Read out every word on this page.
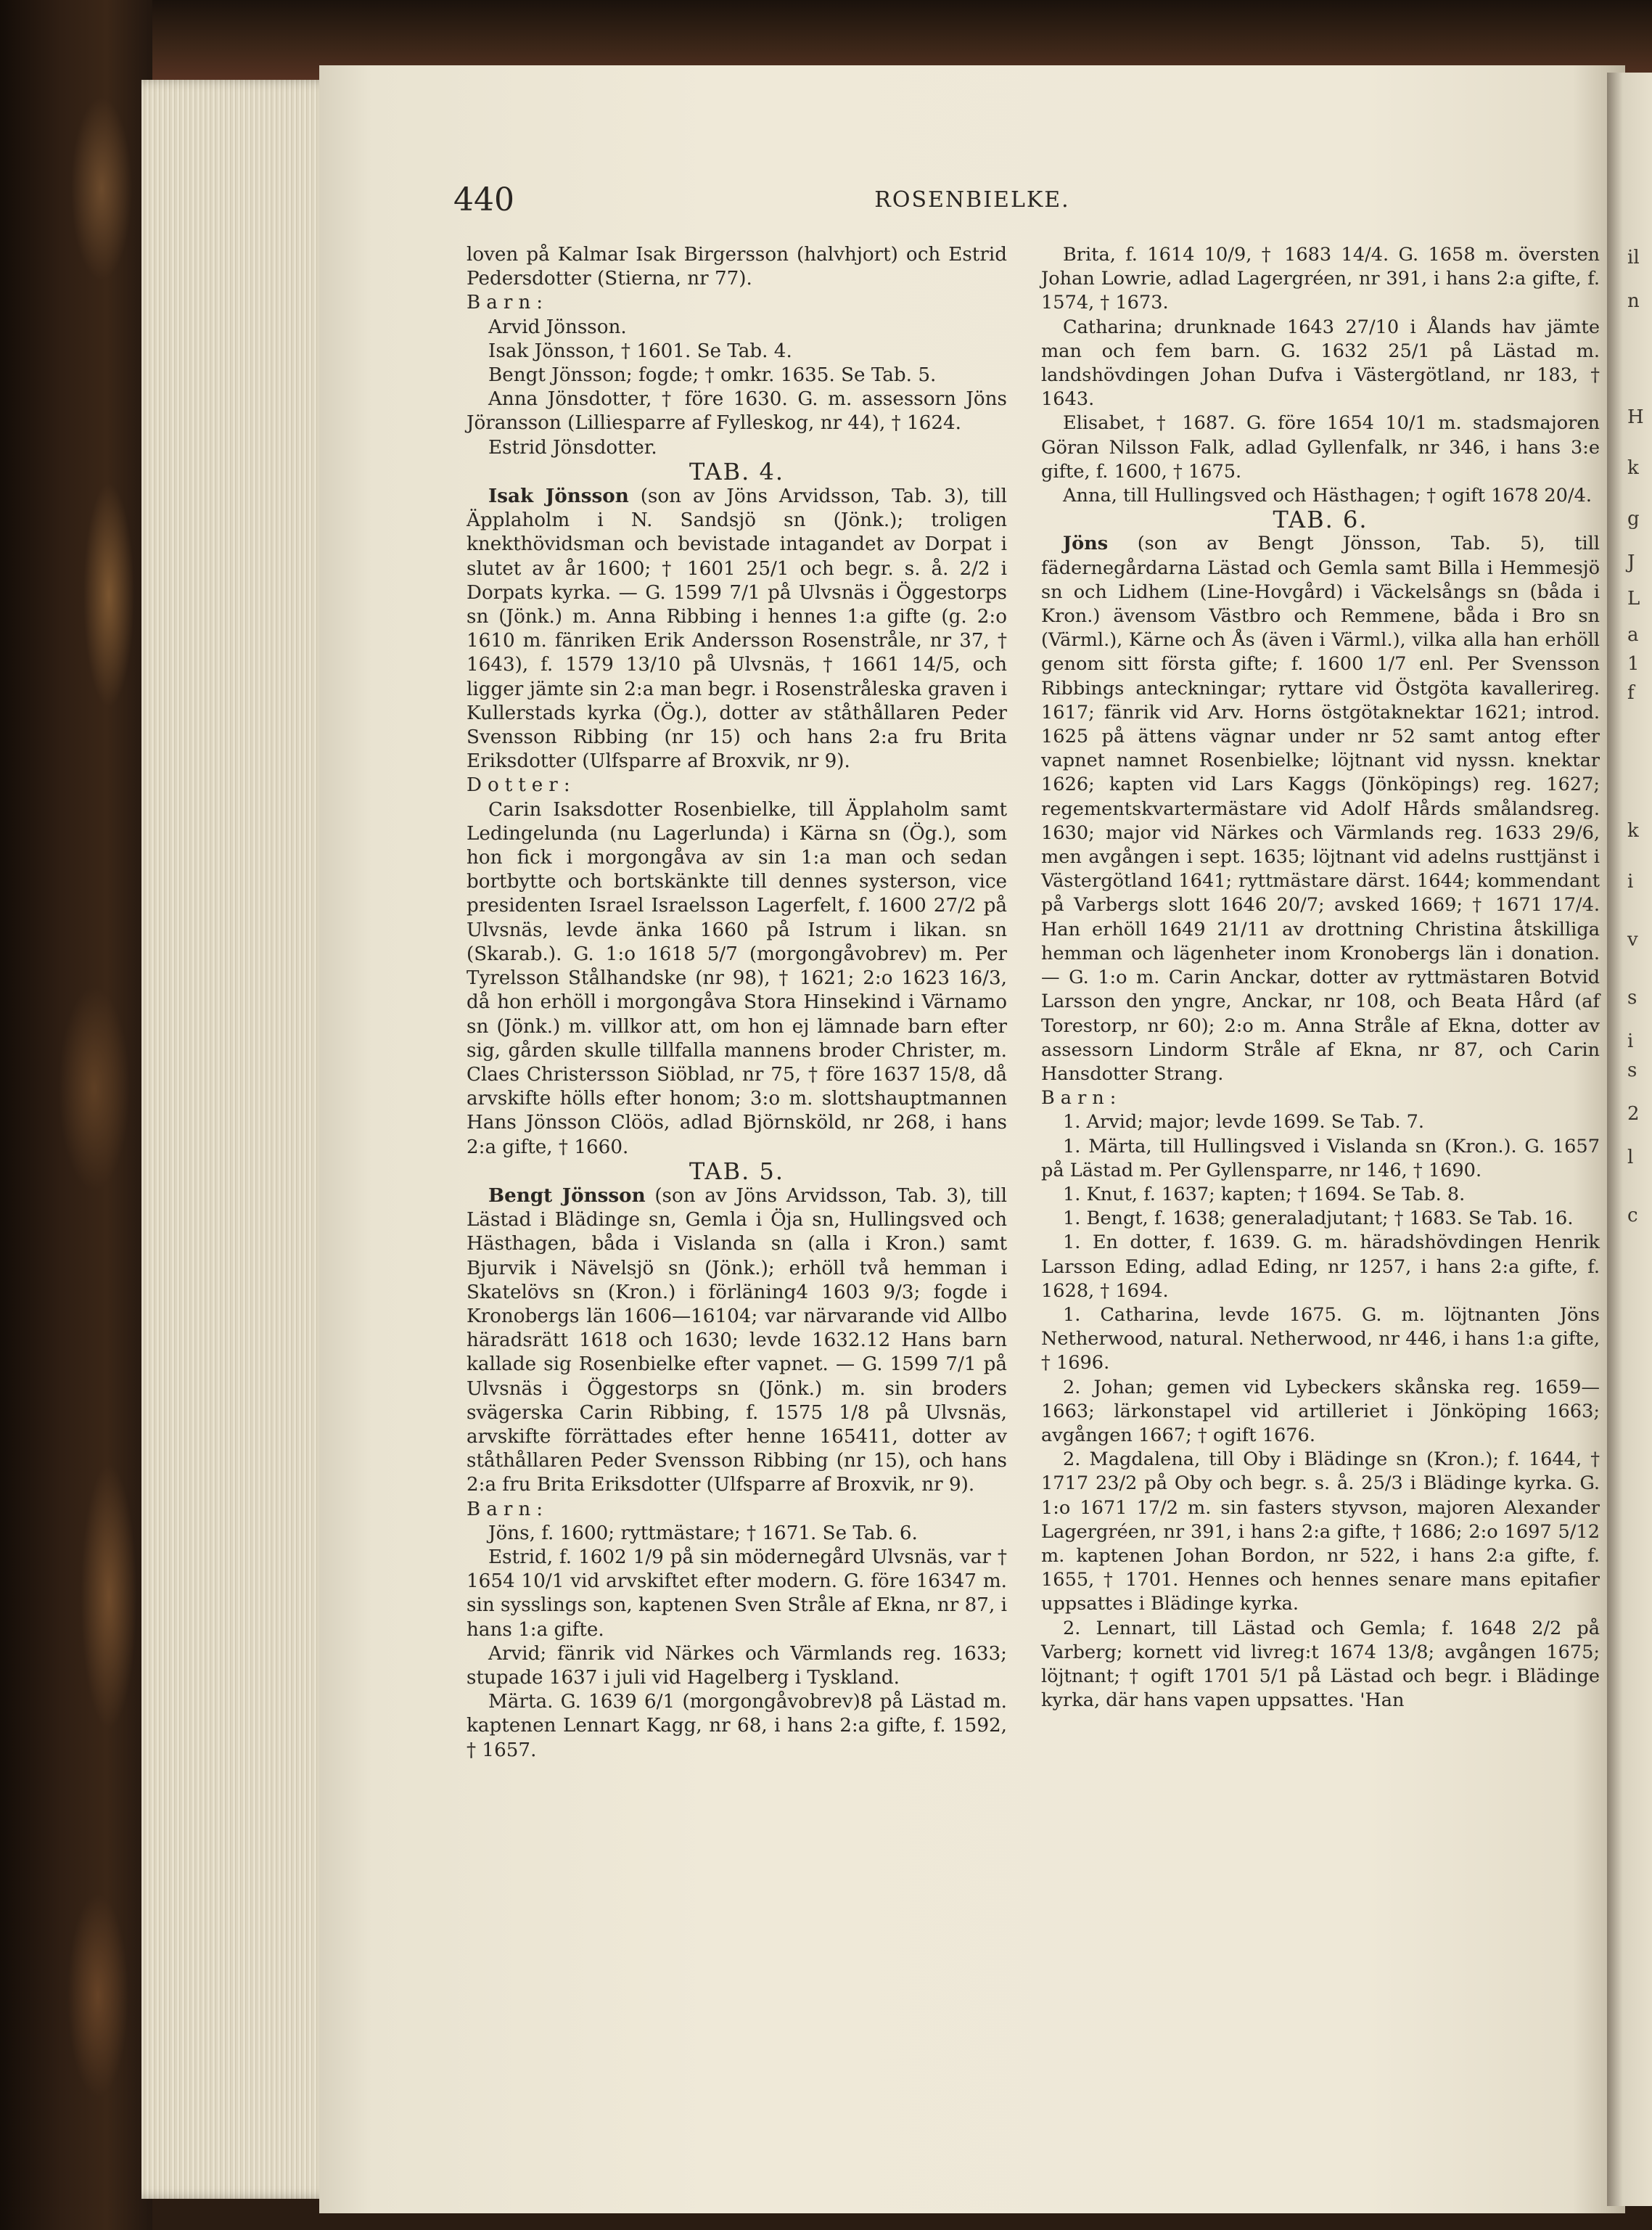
440	ROSENBIELKE.

loven på Kalmar Isak Birgersson (halvhjort) och Estrid Pedersdotter (Stierna, nr 77).

Barn:

Arvid Jönsson.

Isak Jönsson, † 1601. Se Tab. 4.

Bengt Jönsson; fogde; † omkr. 1635. Se Tab. 5.

Anna Jönsdotter, † före 1630. G. m. assessorn Jöns Jöransson (Lilliesparre af Fylleskog, nr 44), † 1624.

Estrid Jönsdotter.

TAB. 4.

Isak Jönsson (son av Jöns Arvidsson, Tab. 3), till Äpplaholm i N. Sandsjö sn (Jönk.); troligen knekthövidsman och bevistade intagandet av Dorpat i slutet av år 1600; † 1601 25/1 och begr. s. å. 2/2 i Dorpats kyrka. — G. 1599 7/1 på Ulvsnäs i Öggestorps sn (Jönk.) m. Anna Ribbing i hennes 1:a gifte (g. 2:o 1610 m. fänriken Erik Andersson Rosenstråle, nr 37, † 1643), f. 1579 13/10 på Ulvsnäs, † 1661 14/5, och ligger jämte sin 2:a man begr. i Rosenstråleska graven i Kullerstads kyrka (Ög.), dotter av ståthållaren Peder Svensson Ribbing (nr 15) och hans 2:a fru Brita Eriksdotter (Ulfsparre af Broxvik, nr 9).

Dotter:

Carin Isaksdotter Rosenbielke, till Äpplaholm samt Ledingelunda (nu Lagerlunda) i Kärna sn (Ög.), som hon fick i morgongåva av sin 1:a man och sedan bortbytte och bortskänkte till dennes systerson, vice presidenten Israel Israelsson Lagerfelt, f. 1600 27/2 på Ulvsnäs, levde änka 1660 på Istrum i likan. sn (Skarab.). G. 1:o 1618 5/7 (morgongåvobrev) m. Per Tyrelsson Stålhandske (nr 98), † 1621; 2:o 1623 16/3, då hon erhöll i morgongåva Stora Hinsekind i Värnamo sn (Jönk.) m. villkor att, om hon ej lämnade barn efter sig, gården skulle tillfalla mannens broder Christer, m. Claes Christersson Siöblad, nr 75, † före 1637 15/8, då arvskifte hölls efter honom; 3:o m. slottshauptmannen Hans Jönsson Clöös, adlad Björnsköld, nr 268, i hans 2:a gifte, † 1660.

TAB. 5.

Bengt Jönsson (son av Jöns Arvidsson, Tab. 3), till Lästad i Blädinge sn, Gemla i Öja sn, Hullingsved och Hästhagen, båda i Vislanda sn (alla i Kron.) samt Bjurvik i Nävelsjö sn (Jönk.); erhöll två hemman i Skatelövs sn (Kron.) i förläning4 1603 9/3; fogde i Kronobergs län 1606—16104; var närvarande vid Allbo häradsrätt 1618 och 1630; levde 1632.12 Hans barn kallade sig Rosenbielke efter vapnet. — G. 1599 7/1 på Ulvsnäs i Öggestorps sn (Jönk.) m. sin broders svägerska Carin Ribbing, f. 1575 1/8 på Ulvsnäs, arvskifte förrättades efter henne 165411, dotter av ståthållaren Peder Svensson Ribbing (nr 15), och hans 2:a fru Brita Eriksdotter (Ulfsparre af Broxvik, nr 9).

Barn:

Jöns, f. 1600; ryttmästare; † 1671. Se Tab. 6.

Estrid, f. 1602 1/9 på sin mödernegård Ulvsnäs, var † 1654 10/1 vid arvskiftet efter modern. G. före 16347 m. sin sysslings son, kaptenen Sven Stråle af Ekna, nr 87, i hans 1:a gifte.

Arvid; fänrik vid Närkes och Värmlands reg. 1633; stupade 1637 i juli vid Hagelberg i Tyskland.

Märta. G. 1639 6/1 (morgongåvobrev)8 på Lästad m. kaptenen Lennart Kagg, nr 68, i hans 2:a gifte, f. 1592, † 1657.

Brita, f. 1614 10/9, † 1683 14/4. G. 1658 m. översten Johan Lowrie, adlad Lagergréen, nr 391, i hans 2:a gifte, f. 1574, † 1673.

Catharina; drunknade 1643 27/10 i Ålands hav jämte man och fem barn. G. 1632 25/1 på Lästad m. landshövdingen Johan Dufva i Västergötland, nr 183, † 1643.

Elisabet, † 1687. G. före 1654 10/1 m. stadsmajoren Göran Nilsson Falk, adlad Gyllenfalk, nr 346, i hans 3:e gifte, f. 1600, † 1675.

Anna, till Hullingsved och Hästhagen; † ogift 1678 20/4.

TAB. 6.

Jöns (son av Bengt Jönsson, Tab. 5), till fädernegårdarna Lästad och Gemla samt Billa i Hemmesjö sn och Lidhem (Line-Hovgård) i Väckelsångs sn (båda i Kron.) ävensom Västbro och Remmene, båda i Bro sn (Värml.), Kärne och Ås (även i Värml.), vilka alla han erhöll genom sitt första gifte; f. 1600 1/7 enl. Per Svensson Ribbings anteckningar; ryttare vid Östgöta kavallerireg. 1617; fänrik vid Arv. Horns östgötaknektar 1621; introd. 1625 på ättens vägnar under nr 52 samt antog efter vapnet namnet Rosenbielke; löjtnant vid nyssn. knektar 1626; kapten vid Lars Kaggs (Jönköpings) reg. 1627; regementskvartermästare vid Adolf Hårds smålandsreg. 1630; major vid Närkes och Värmlands reg. 1633 29/6, men avgången i sept. 1635; löjtnant vid adelns rusttjänst i Västergötland 1641; ryttmästare därst. 1644; kommendant på Varbergs slott 1646 20/7; avsked 1669; † 1671 17/4. Han erhöll 1649 21/11 av drottning Christina åtskilliga hemman och lägenheter inom Kronobergs län i donation. — G. 1:o m. Carin Anckar, dotter av ryttmästaren Botvid Larsson den yngre, Anckar, nr 108, och Beata Hård (af Torestorp, nr 60); 2:o m. Anna Stråle af Ekna, dotter av assessorn Lindorm Stråle af Ekna, nr 87, och Carin Hansdotter Strang.

Barn:

1. Arvid; major; levde 1699. Se Tab. 7.

1. Märta, till Hullingsved i Vislanda sn (Kron.). G. 1657 på Lästad m. Per Gyllensparre, nr 146, † 1690.

1. Knut, f. 1637; kapten; † 1694. Se Tab. 8.

1. Bengt, f. 1638; generaladjutant; † 1683. Se Tab. 16.

1. En dotter, f. 1639. G. m. häradshövdingen Henrik Larsson Eding, adlad Eding, nr 1257, i hans 2:a gifte, f. 1628, † 1694.

1. Catharina, levde 1675. G. m. löjtnanten Jöns Netherwood, natural. Netherwood, nr 446, i hans 1:a gifte, † 1696.

2. Johan; gemen vid Lybeckers skånska reg. 1659—1663; lärkonstapel vid artilleriet i Jönköping 1663; avgången 1667; † ogift 1676.

2. Magdalena, till Oby i Blädinge sn (Kron.); f. 1644, † 1717 23/2 på Oby och begr. s. å. 25/3 i Blädinge kyrka. G. 1:o 1671 17/2 m. sin fasters styvson, majoren Alexander Lagergréen, nr 391, i hans 2:a gifte, † 1686; 2:o 1697 5/12 m. kaptenen Johan Bordon, nr 522, i hans 2:a gifte, f. 1655, † 1701. Hennes och hennes senare mans epitafier uppsattes i Blädinge kyrka.

2. Lennart, till Lästad och Gemla; f. 1648 2/2 på Varberg; kornett vid livreg:t 1674 13/8; avgången 1675; löjtnant; † ogift 1701 5/1 på Lästad och begr. i Blädinge kyrka, där hans vapen uppsattes. 'Han

il
n
H
k
g
J
L
a
1
f
k
i
v
s
i
s
2
l
c
